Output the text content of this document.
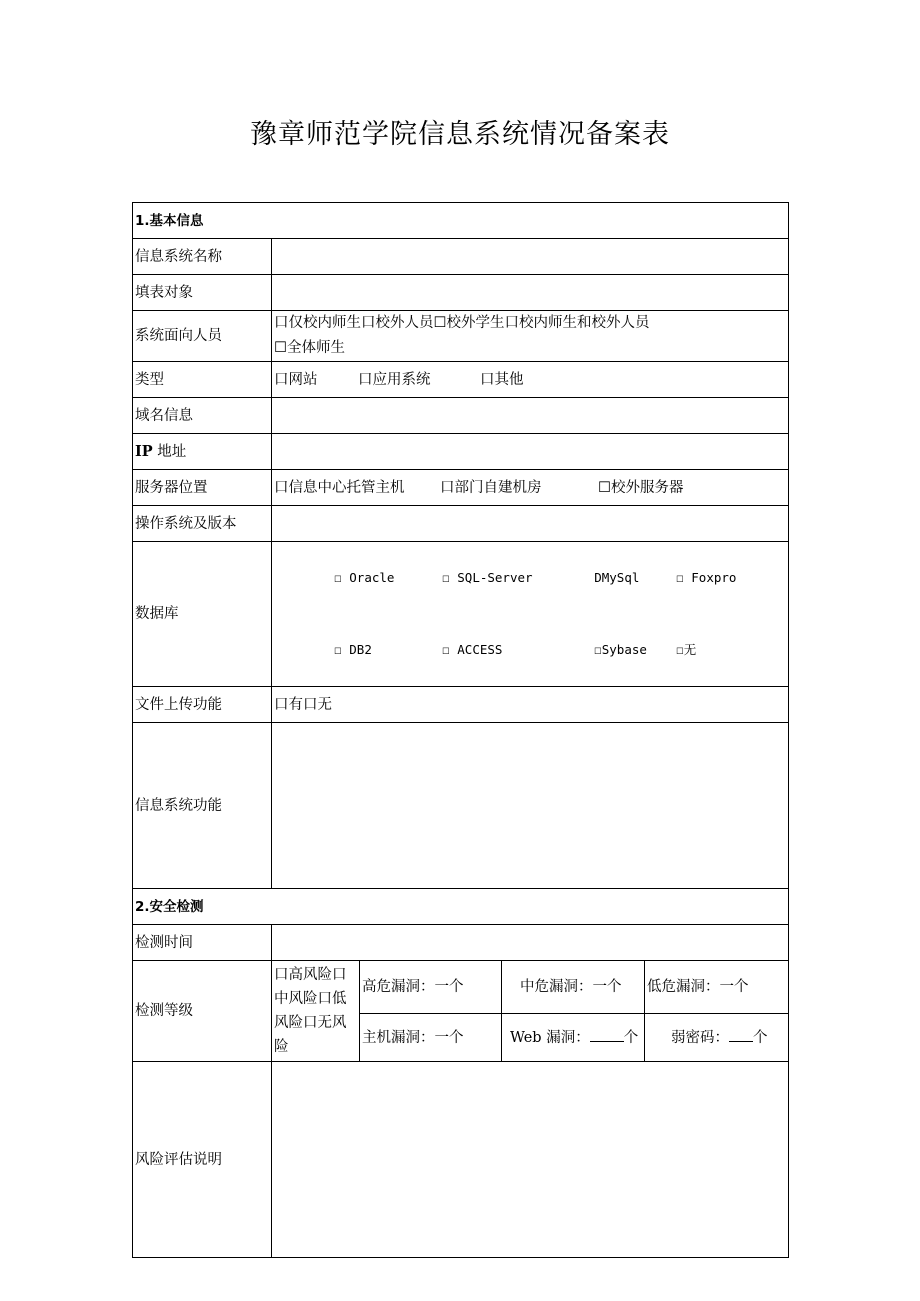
豫章师范学院信息系统情况备案表
1.基本信息				
信息系统名称				
填表对象				
系统面向人员	口仅校内师生口校外人员☐校外学生口校内师生和校外人员
☐全体师生			

类型	口网站 口应用系统 口其他			
域名信息				
IP 地址				
服务器位置	口信息中心托管主机 口部门自建机房 ☐校外服务器			
操作系统及版本				
数据库	☐ Oracle ☐ SQL-Server DMySql ☐ Foxpro

☐ DB2 ☐ ACCESS ☐Sybase ☐无			

文件上传功能	口有口无			
信息系统功能				
2.安全检测				
检测时间				
检测等级	口高风险口中风险口低风险口无风险	高危漏洞：一个	中危漏洞：一个	低危漏洞：一个
		主机漏洞：一个	Web 漏洞： 个	弱密码： 个
风险评估说明				
